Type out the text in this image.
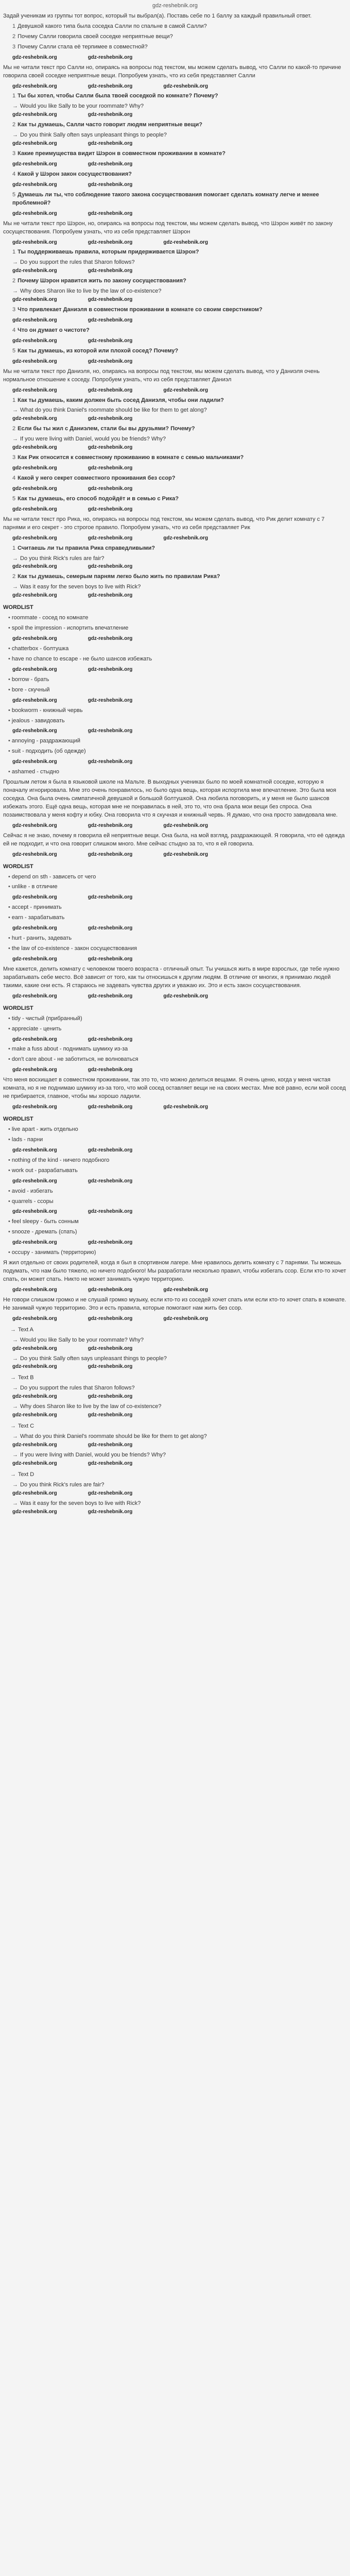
gdz-reshebnik.org

Задай ученикам из группы тот вопрос, который ты выбрал(а). Поставь себе по 1 баллу за каждый правильный ответ.

1 Девушкой какого типа была соседка Салли по спальне в самой Салли?
2 Почему Салли говорила своей соседке неприятные вещи?
3 Почему Салли стала её терпимее в совместной?
gdz-reshebnik.org	gdz-reshebnik.org

Мы не читали текст про Салли но, опираясь на вопросы под текстом, мы можем сделать вывод, что Салли по какой-то причине говорила своей соседке неприятные вещи. Попробуем узнать, что из себя представляет Салли

gdz-reshebnik.org	gdz-reshebnik.org	gdz-reshebnik.org
1 Ты бы хотел, чтобы Салли была твоей соседкой по комнате? Почему?
→ Would you like Sally to be your roommate? Why?
gdz-reshebnik.org	gdz-reshebnik.org
2 Как ты думаешь, Салли часто говорит людям неприятные вещи?
→ Do you think Sally often says unpleasant things to people?
gdz-reshebnik.org	gdz-reshebnik.org
3 Какие преимущества видит Шэрон в совместном проживании в комнате?
gdz-reshebnik.org	gdz-reshebnik.org
4 Какой у Шэрон закон сосуществования?
gdz-reshebnik.org	gdz-reshebnik.org
5 Думаешь ли ты, что соблюдение такого закона сосуществования помогает сделать комнату легче и менее проблемной?
gdz-reshebnik.org	gdz-reshebnik.org

Мы не читали текст про Шэрон, но, опираясь на вопросы под текстом, мы можем сделать вывод, что Шэрон живёт по закону сосуществования. Попробуем узнать, что из себя представляет Шэрон

gdz-reshebnik.org	gdz-reshebnik.org	gdz-reshebnik.org
1 Ты поддерживаешь правила, которым придерживается Шэрон?
→ Do you support the rules that Sharon follows?
gdz-reshebnik.org	gdz-reshebnik.org
2 Почему Шэрон нравится жить по закону сосуществования?
→ Why does Sharon like to live by the law of co-existence?
gdz-reshebnik.org	gdz-reshebnik.org
3 Что привлекает Даниэля в совместном проживании в комнате со своим сверстником?
gdz-reshebnik.org	gdz-reshebnik.org
4 Что он думает о чистоте?
gdz-reshebnik.org	gdz-reshebnik.org
5 Как ты думаешь, из которой или плохой сосед? Почему?
gdz-reshebnik.org	gdz-reshebnik.org

Мы не читали текст про Даниэля, но, опираясь на вопросы под текстом, мы можем сделать вывод, что у Даниэля очень нормальное отношение к соседу. Попробуем узнать, что из себя представляет Даниэл

gdz-reshebnik.org	gdz-reshebnik.org	gdz-reshebnik.org
1 Как ты думаешь, каким должен быть сосед Даниэля, чтобы они ладили?
→ What do you think Daniel's roommate should be like for them to get along?
gdz-reshebnik.org	gdz-reshebnik.org
2 Если бы ты жил с Даниэлем, стали бы вы друзьями? Почему?
→ If you were living with Daniel, would you be friends? Why?
gdz-reshebnik.org	gdz-reshebnik.org
3 Как Рик относится к совместному проживанию в комнате с семью мальчиками?
gdz-reshebnik.org	gdz-reshebnik.org
4 Какой у него секрет совместного проживания без ссор?
gdz-reshebnik.org	gdz-reshebnik.org
5 Как ты думаешь, его способ подойдёт и в семью с Рика?
gdz-reshebnik.org	gdz-reshebnik.org

Мы не читали текст про Рика, но, опираясь на вопросы под текстом, мы можем сделать вывод, что Рик делит комнату с 7 парнями и его секрет - это строгое правило. Попробуем узнать, что из себя представляет Рик

gdz-reshebnik.org	gdz-reshebnik.org	gdz-reshebnik.org
1 Считаешь ли ты правила Рика справедливыми?
→ Do you think Rick's rules are fair?
gdz-reshebnik.org	gdz-reshebnik.org
2 Как ты думаешь, семерым парням легко было жить по правилам Рика?
→ Was it easy for the seven boys to live with Rick?
gdz-reshebnik.org	gdz-reshebnik.org
WORDLIST
• roommate - сосед по комнате
• spoil the impression - испортить впечатление
gdz-reshebnik.org	gdz-reshebnik.org
• chatterbox - болтушка
• have no chance to escape - не было шансов избежать
gdz-reshebnik.org	gdz-reshebnik.org
• borrow - брать
• bore - скучный
gdz-reshebnik.org	gdz-reshebnik.org
• bookworm - книжный червь
• jealous - завидовать
gdz-reshebnik.org	gdz-reshebnik.org
• annoying - раздражающий
• suit - подходить (об одежде)
gdz-reshebnik.org	gdz-reshebnik.org
• ashamed - стыдно

Прошлым летом я была в языковой школе на Мальте. В выходных учениках было по моей комнатной соседке, которую я поначалу игнорировала. Мне это очень понравилось, но было одна вещь, которая испортила мне впечатление. Это была моя соседка. Она была очень симпатичной девушкой и большой болтушкой. Она любила поговорить, и у меня не было шансов избежать этого. Ещё одна вещь, которая мне не понравилась в ней, это то, что она брала мои вещи без спроса. Она позаимствовала у меня кофту и юбку. Она говорила что я скучная и книжный червь. Я думаю, что она просто завидовала мне.

gdz-reshebnik.org	gdz-reshebnik.org	gdz-reshebnik.org

Сейчас я не знаю, почему я говорила ей неприятные вещи. Она была, на мой взгляд, раздражающей. Я говорила, что её одежда ей не подходит, и что она говорит слишком много. Мне сейчас стыдно за то, что я ей говорила.

gdz-reshebnik.org	gdz-reshebnik.org	gdz-reshebnik.org
WORDLIST
• depend on sth - зависеть от чего
• unlike - в отличие
gdz-reshebnik.org	gdz-reshebnik.org
• accept - принимать
• earn - зарабатывать
gdz-reshebnik.org	gdz-reshebnik.org
• hurt - ранить, задевать
• the law of co-existence - закон сосуществования
gdz-reshebnik.org	gdz-reshebnik.org

Мне кажется, делить комнату с человеком твоего возраста - отличный опыт. Ты учишься жить в мире взрослых, где тебе нужно зарабатывать себе место. Всё зависит от того, как ты относишься к другим людям. В отличие от многих, я принимаю людей такими, какие они есть. Я стараюсь не задевать чувства других и уважаю их. Это и есть закон сосуществования.

gdz-reshebnik.org	gdz-reshebnik.org	gdz-reshebnik.org
WORDLIST
• tidy - чистый (прибранный)
• appreciate - ценить
gdz-reshebnik.org	gdz-reshebnik.org
• make a fuss about - поднимать шумиху из-за
• don't care about - не заботиться, не волноваться
gdz-reshebnik.org	gdz-reshebnik.org

Что меня восхищает в совместном проживании, так это то, что можно делиться вещами. Я очень ценю, когда у меня чистая комната, но я не поднимаю шумиху из-за того, что мой сосед оставляет вещи не на своих местах. Мне всё равно, если мой сосед не прибирается, главное, чтобы мы хорошо ладили.

gdz-reshebnik.org	gdz-reshebnik.org	gdz-reshebnik.org
WORDLIST
• live apart - жить отдельно
• lads - парни
gdz-reshebnik.org	gdz-reshebnik.org
• nothing of the kind - ничего подобного
• work out - разрабатывать
gdz-reshebnik.org	gdz-reshebnik.org
• avoid - избегать
• quarrels - ссоры
gdz-reshebnik.org	gdz-reshebnik.org
• feel sleepy - быть сонным
• snooze - дремать (спать)
gdz-reshebnik.org	gdz-reshebnik.org
• occupy - занимать (территорию)

Я жил отдельно от своих родителей, когда я был в спортивном лагере. Мне нравилось делить комнату с 7 парнями. Ты можешь подумать, что нам было тяжело, но ничего подобного! Мы разработали несколько правил, чтобы избегать ссор. Если кто-то хочет спать, он может спать. Никто не может занимать чужую территорию.

gdz-reshebnik.org	gdz-reshebnik.org	gdz-reshebnik.org

Не говори слишком громко и не слушай громко музыку, если кто-то из соседей хочет спать или если кто-то хочет спать в комнате. Не занимай чужую территорию. Это и есть правила, которые помогают нам жить без ссор.

gdz-reshebnik.org	gdz-reshebnik.org	gdz-reshebnik.org
→ Text A
→ Would you like Sally to be your roommate? Why?
gdz-reshebnik.org	gdz-reshebnik.org
→ Do you think Sally often says unpleasant things to people?
gdz-reshebnik.org	gdz-reshebnik.org
→ Text B
→ Do you support the rules that Sharon follows?
gdz-reshebnik.org	gdz-reshebnik.org
→ Why does Sharon like to live by the law of co-existence?
gdz-reshebnik.org	gdz-reshebnik.org
→ Text C
→ What do you think Daniel's roommate should be like for them to get along?
gdz-reshebnik.org	gdz-reshebnik.org
→ If you were living with Daniel, would you be friends? Why?
gdz-reshebnik.org	gdz-reshebnik.org
→ Text D
→ Do you think Rick's rules are fair?
gdz-reshebnik.org	gdz-reshebnik.org
→ Was it easy for the seven boys to live with Rick?
gdz-reshebnik.org	gdz-reshebnik.org
